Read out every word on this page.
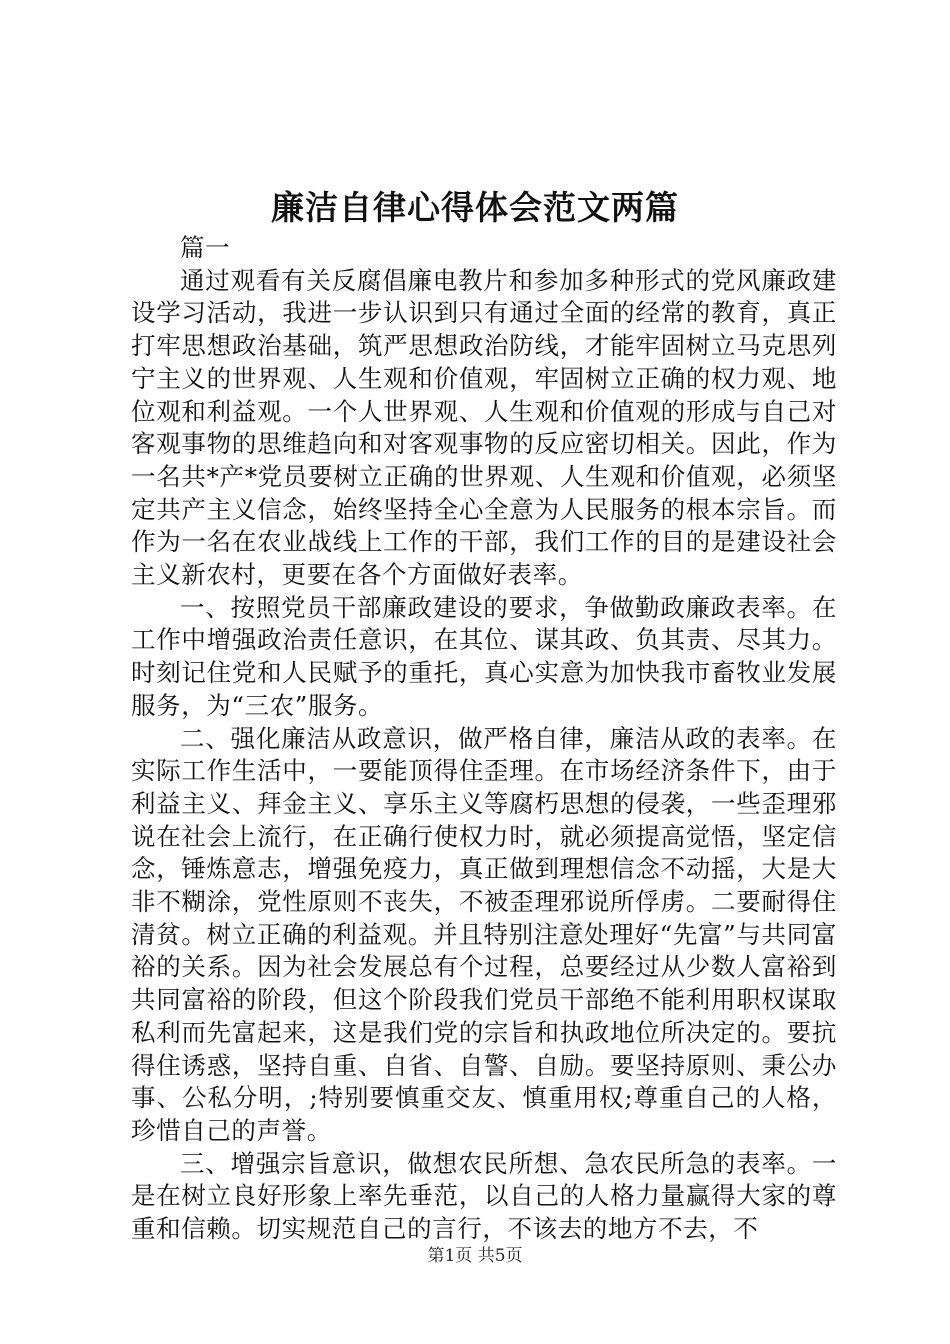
廉洁自律心得体会范文两篇

篇一

通过观看有关反腐倡廉电教片和参加多种形式的党风廉政建设学习活动，我进一步认识到只有通过全面的经常的教育，真正打牢思想政治基础，筑严思想政治防线，才能牢固树立马克思列宁主义的世界观、人生观和价值观，牢固树立正确的权力观、地位观和利益观。一个人世界观、人生观和价值观的形成与自己对客观事物的思维趋向和对客观事物的反应密切相关。因此，作为一名共*产*党员要树立正确的世界观、人生观和价值观，必须坚定共产主义信念，始终坚持全心全意为人民服务的根本宗旨。而作为一名在农业战线上工作的干部，我们工作的目的是建设社会主义新农村，更要在各个方面做好表率。

一、按照党员干部廉政建设的要求，争做勤政廉政表率。在工作中增强政治责任意识，在其位、谋其政、负其责、尽其力。时刻记住党和人民赋予的重托，真心实意为加快我市畜牧业发展服务，为“三农”服务。

二、强化廉洁从政意识，做严格自律，廉洁从政的表率。在实际工作生活中，一要能顶得住歪理。在市场经济条件下，由于利益主义、拜金主义、享乐主义等腐朽思想的侵袭，一些歪理邪说在社会上流行，在正确行使权力时，就必须提高觉悟，坚定信念，锤炼意志，增强免疫力，真正做到理想信念不动摇，大是大非不糊涂，党性原则不丧失，不被歪理邪说所俘虏。二要耐得住清贫。树立正确的利益观。并且特别注意处理好“先富”与共同富裕的关系。因为社会发展总有个过程，总要经过从少数人富裕到共同富裕的阶段，但这个阶段我们党员干部绝不能利用职权谋取私利而先富起来，这是我们党的宗旨和执政地位所决定的。要抗得住诱惑，坚持自重、自省、自警、自励。要坚持原则、秉公办事、公私分明，;特别要慎重交友、慎重用权;尊重自己的人格，珍惜自己的声誉。

三、增强宗旨意识，做想农民所想、急农民所急的表率。一是在树立良好形象上率先垂范，以自己的人格力量赢得大家的尊重和信赖。切实规范自己的言行，不该去的地方不去，不

第1页 共5页
